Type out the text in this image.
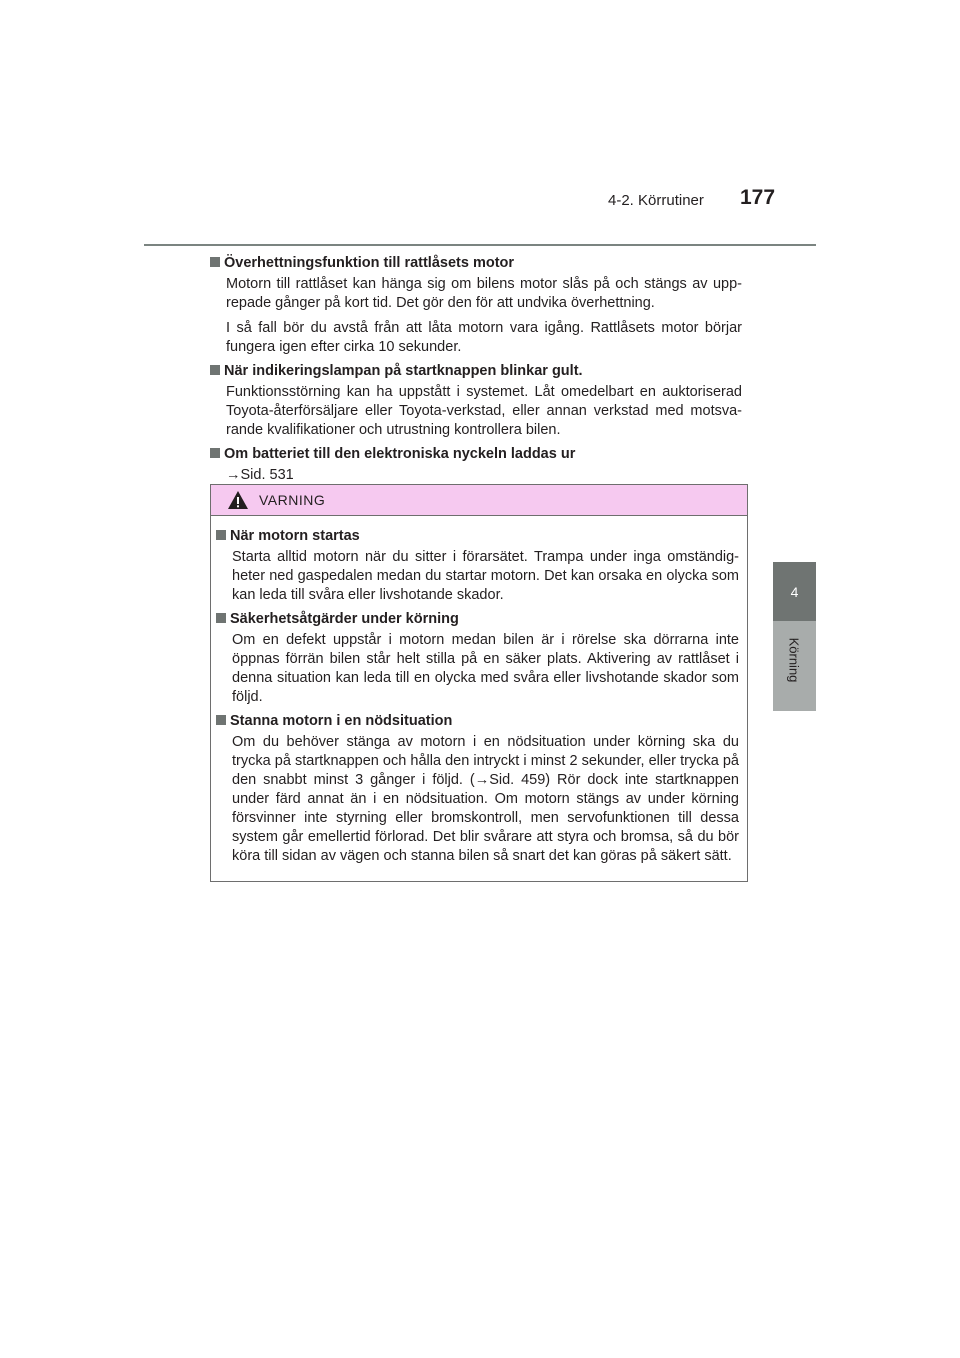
4-2. Körrutiner 177
4
Körning
Överhettningsfunktion till rattlåsets motor
Motorn till rattlåset kan hänga sig om bilens motor slås på och stängs av upp-repade gånger på kort tid. Det gör den för att undvika överhettning.
I så fall bör du avstå från att låta motorn vara igång. Rattlåsets motor börjar fungera igen efter cirka 10 sekunder.
När indikeringslampan på startknappen blinkar gult.
Funktionsstörning kan ha uppstått i systemet. Låt omedelbart en auktoriserad Toyota-återförsäljare eller Toyota-verkstad, eller annan verkstad med motsva-rande kvalifikationer och utrustning kontrollera bilen.
Om batteriet till den elektroniska nyckeln laddas ur
→Sid. 531
VARNING
När motorn startas
Starta alltid motorn när du sitter i förarsätet. Trampa under inga omständig-heter ned gaspedalen medan du startar motorn. Det kan orsaka en olycka som kan leda till svåra eller livshotande skador.
Säkerhetsåtgärder under körning
Om en defekt uppstår i motorn medan bilen är i rörelse ska dörrarna inte öppnas förrän bilen står helt stilla på en säker plats. Aktivering av rattlåset i denna situation kan leda till en olycka med svåra eller livshotande skador som följd.
Stanna motorn i en nödsituation
Om du behöver stänga av motorn i en nödsituation under körning ska du trycka på startknappen och hålla den intryckt i minst 2 sekunder, eller trycka på den snabbt minst 3 gånger i följd. (→Sid. 459) Rör dock inte startknappen under färd annat än i en nödsituation. Om motorn stängs av under körning försvinner inte styrning eller bromskontroll, men servofunktionen till dessa system går emellertid förlorad. Det blir svårare att styra och bromsa, så du bör köra till sidan av vägen och stanna bilen så snart det kan göras på säkert sätt.
